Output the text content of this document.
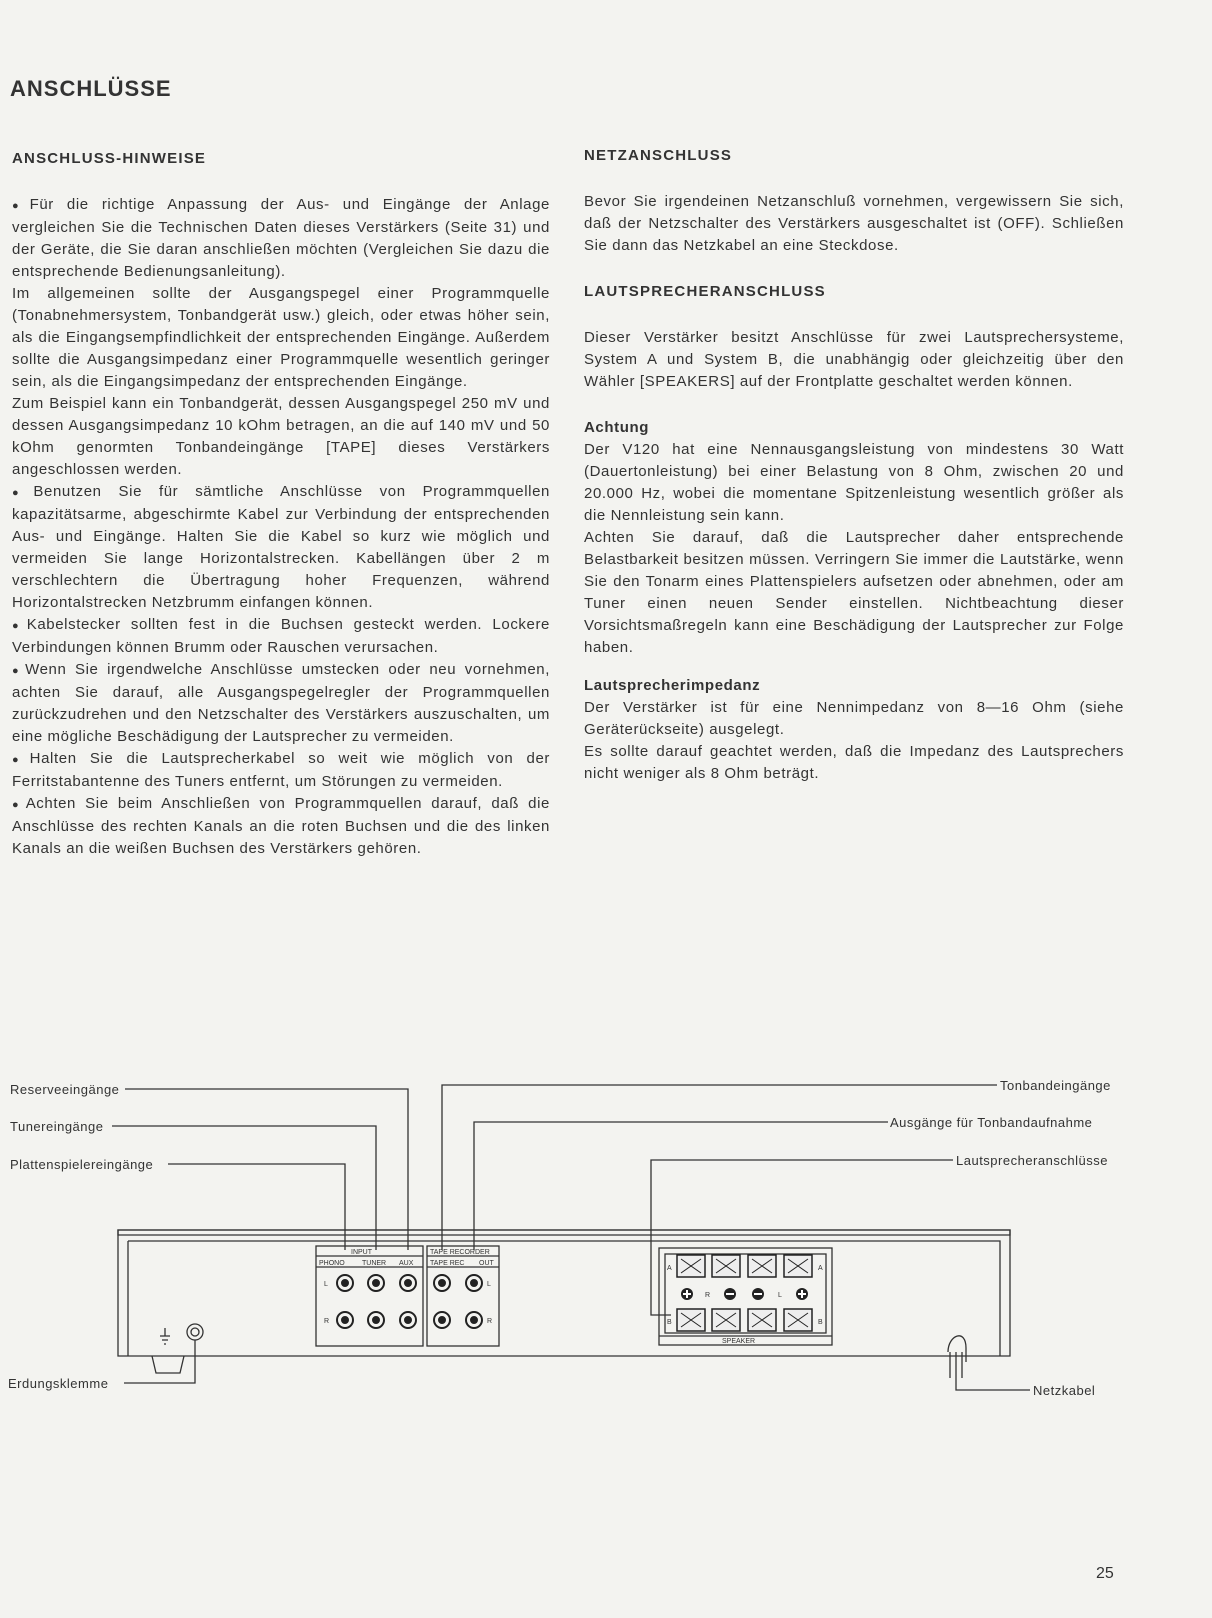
ANSCHLÜSSE
ANSCHLUSS-HINWEISE

● Für die richtige Anpassung der Aus- und Eingänge der Anlage vergleichen Sie die Technischen Daten dieses Verstärkers (Seite 31) und der Geräte, die Sie daran anschließen möchten (Vergleichen Sie dazu die entsprechende Bedienungsanleitung).

Im allgemeinen sollte der Ausgangspegel einer Programmquelle (Tonabnehmersystem, Tonbandgerät usw.) gleich, oder etwas höher sein, als die Eingangsempfindlichkeit der entsprechenden Eingänge. Außerdem sollte die Ausgangsimpedanz einer Programmquelle wesentlich geringer sein, als die Eingangsimpedanz der entsprechenden Eingänge.

Zum Beispiel kann ein Tonbandgerät, dessen Ausgangspegel 250 mV und dessen Ausgangsimpedanz 10 kOhm betragen, an die auf 140 mV und 50 kOhm genormten Tonbandeingänge [TAPE] dieses Verstärkers angeschlossen werden.

● Benutzen Sie für sämtliche Anschlüsse von Programmquellen kapazitätsarme, abgeschirmte Kabel zur Verbindung der entsprechenden Aus- und Eingänge. Halten Sie die Kabel so kurz wie möglich und vermeiden Sie lange Horizontalstrecken. Kabellängen über 2 m verschlechtern die Übertragung hoher Frequenzen, während Horizontalstrecken Netzbrumm einfangen können.

● Kabelstecker sollten fest in die Buchsen gesteckt werden. Lockere Verbindungen können Brumm oder Rauschen verursachen.

● Wenn Sie irgendwelche Anschlüsse umstecken oder neu vornehmen, achten Sie darauf, alle Ausgangspegelregler der Programmquellen zurückzudrehen und den Netzschalter des Verstärkers auszuschalten, um eine mögliche Beschädigung der Lautsprecher zu vermeiden.

● Halten Sie die Lautsprecherkabel so weit wie möglich von der Ferritstabantenne des Tuners entfernt, um Störungen zu vermeiden.

● Achten Sie beim Anschließen von Programmquellen darauf, daß die Anschlüsse des rechten Kanals an die roten Buchsen und die des linken Kanals an die weißen Buchsen des Verstärkers gehören.

NETZANSCHLUSS

Bevor Sie irgendeinen Netzanschluß vornehmen, vergewissern Sie sich, daß der Netzschalter des Verstärkers ausgeschaltet ist (OFF). Schließen Sie dann das Netzkabel an eine Steckdose.

LAUTSPRECHERANSCHLUSS

Dieser Verstärker besitzt Anschlüsse für zwei Lautsprechersysteme, System A und System B, die unabhängig oder gleichzeitig über den Wähler [SPEAKERS] auf der Frontplatte geschaltet werden können.

Achtung

Der V120 hat eine Nennausgangsleistung von mindestens 30 Watt (Dauertonleistung) bei einer Belastung von 8 Ohm, zwischen 20 und 20.000 Hz, wobei die momentane Spitzenleistung wesentlich größer als die Nennleistung sein kann.

Achten Sie darauf, daß die Lautsprecher daher entsprechende Belastbarkeit besitzen müssen. Verringern Sie immer die Lautstärke, wenn Sie den Tonarm eines Plattenspielers aufsetzen oder abnehmen, oder am Tuner einen neuen Sender einstellen. Nichtbeachtung dieser Vorsichtsmaßregeln kann eine Beschädigung der Lautsprecher zur Folge haben.

Lautsprecherimpedanz

Der Verstärker ist für eine Nennimpedanz von 8—16 Ohm (siehe Geräterückseite) ausgelegt.

Es sollte darauf geachtet werden, daß die Impedanz des Lautsprechers nicht weniger als 8 Ohm beträgt.

Reserveeingänge
Tunereingänge
Plattenspielereingänge
Tonbandeingänge
Ausgänge für Tonbandaufnahme
Lautsprecheranschlüsse
Erdungsklemme	Netzkabel
INPUT
PHONO TUNER AUX
TAPE RECORDER
TAPE REC OUT
L
R
L
R
A	A
B	B
R	L
SPEAKER
25
